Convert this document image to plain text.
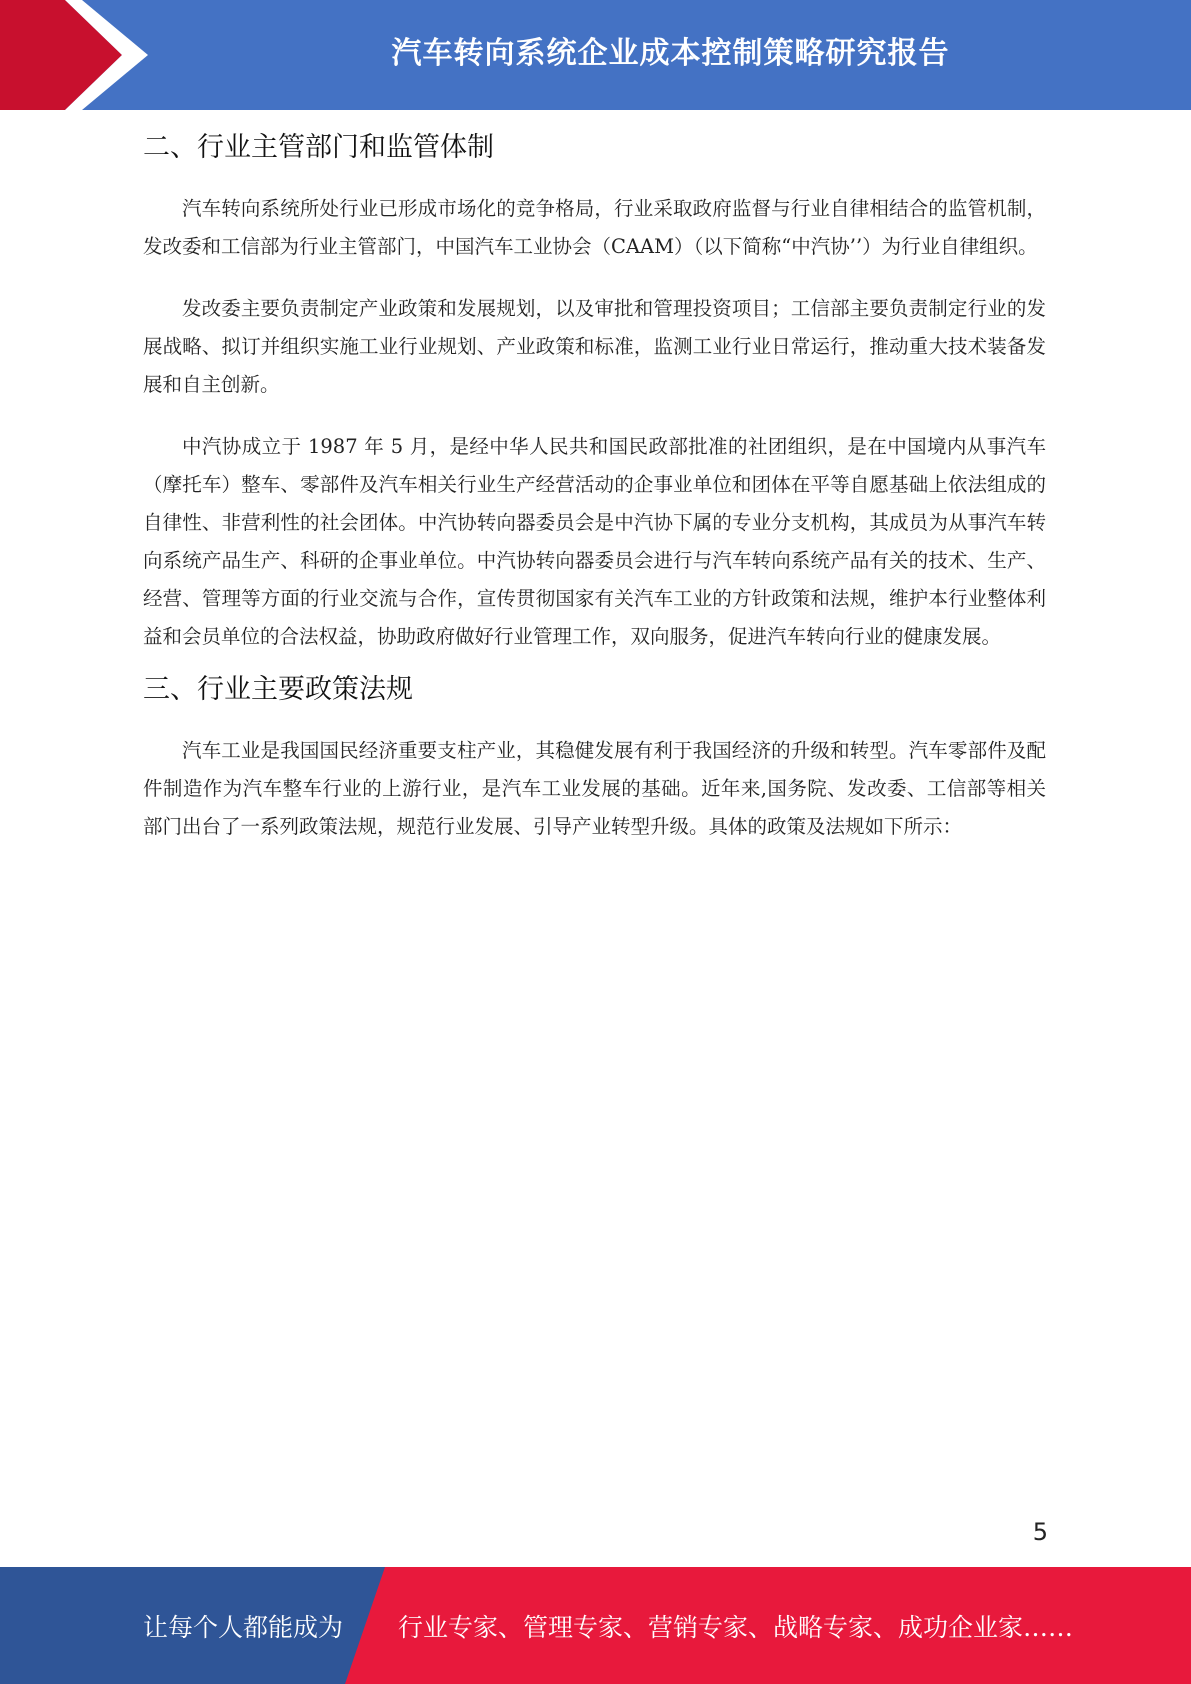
汽车转向系统企业成本控制策略研究报告
二、行业主管部门和监管体制

汽车转向系统所处行业已形成市场化的竞争格局，行业采取政府监督与行业自律相结合的监管机制，发改委和工信部为行业主管部门，中国汽车工业协会（CAAM）（以下简称“中汽协’’）为行业自律组织。

发改委主要负责制定产业政策和发展规划，以及审批和管理投资项目；工信部主要负责制定行业的发展战略、拟订并组织实施工业行业规划、产业政策和标准，监测工业行业日常运行，推动重大技术装备发展和自主创新。

中汽协成立于 1987 年 5 月，是经中华人民共和国民政部批准的社团组织，是在中国境内从事汽车（摩托车）整车、零部件及汽车相关行业生产经营活动的企事业单位和团体在平等自愿基础上依法组成的自律性、非营利性的社会团体。中汽协转向器委员会是中汽协下属的专业分支机构，其成员为从事汽车转向系统产品生产、科研的企事业单位。中汽协转向器委员会进行与汽车转向系统产品有关的技术、生产、经营、管理等方面的行业交流与合作，宣传贯彻国家有关汽车工业的方针政策和法规，维护本行业整体利益和会员单位的合法权益，协助政府做好行业管理工作，双向服务，促进汽车转向行业的健康发展。

三、行业主要政策法规

汽车工业是我国国民经济重要支柱产业，其稳健发展有利于我国经济的升级和转型。汽车零部件及配件制造作为汽车整车行业的上游行业，是汽车工业发展的基础。近年来,国务院、发改委、工信部等相关部门出台了一系列政策法规，规范行业发展、引导产业转型升级。具体的政策及法规如下所示：

5
让每个人都能成为 行业专家、管理专家、营销专家、战略专家、成功企业家……
